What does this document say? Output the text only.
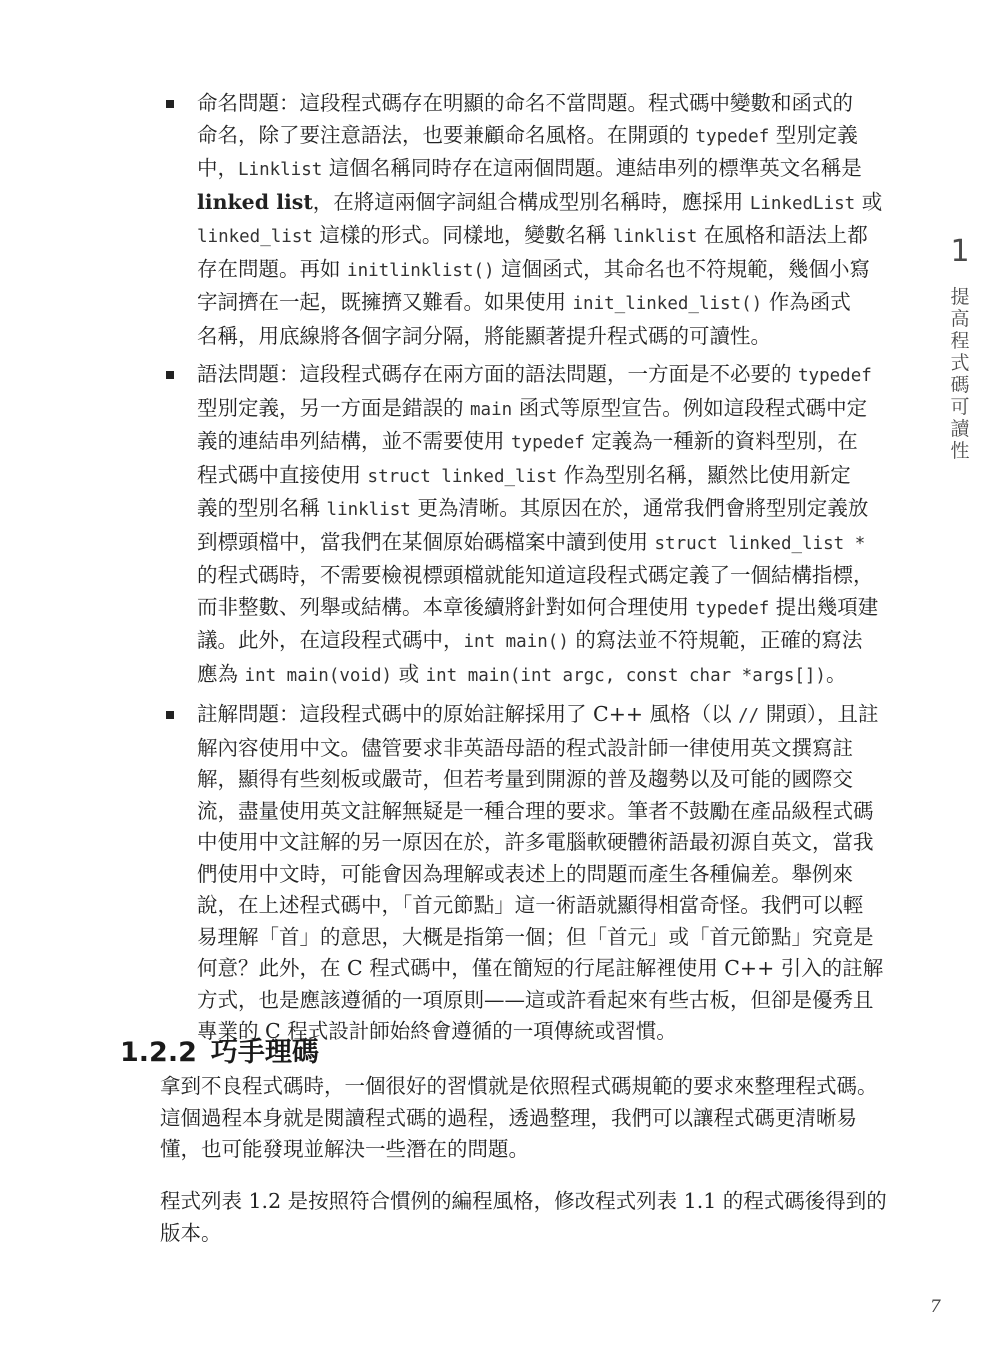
命名問題：這段程式碼存在明顯的命名不當問題。程式碼中變數和函式的
命名，除了要注意語法，也要兼顧命名風格。在開頭的 typedef 型別定義
中，Linklist 這個名稱同時存在這兩個問題。連結串列的標準英文名稱是
linked list，在將這兩個字詞組合構成型別名稱時，應採用 LinkedList 或
linked_list 這樣的形式。同樣地，變數名稱 linklist 在風格和語法上都
存在問題。再如 initlinklist() 這個函式，其命名也不符規範，幾個小寫
字詞擠在一起，既擁擠又難看。如果使用 init_linked_list() 作為函式
名稱，用底線將各個字詞分隔，將能顯著提升程式碼的可讀性。
語法問題：這段程式碼存在兩方面的語法問題，一方面是不必要的 typedef
型別定義，另一方面是錯誤的 main 函式等原型宣告。例如這段程式碼中定
義的連結串列結構，並不需要使用 typedef 定義為一種新的資料型別，在
程式碼中直接使用 struct linked_list 作為型別名稱，顯然比使用新定
義的型別名稱 linklist 更為清晰。其原因在於，通常我們會將型別定義放
到標頭檔中，當我們在某個原始碼檔案中讀到使用 struct linked_list *
的程式碼時，不需要檢視標頭檔就能知道這段程式碼定義了一個結構指標，
而非整數、列舉或結構。本章後續將針對如何合理使用 typedef 提出幾項建
議。此外，在這段程式碼中，int main() 的寫法並不符規範，正確的寫法
應為 int main(void) 或 int main(int argc, const char *args[])。
註解問題：這段程式碼中的原始註解採用了 C++ 風格（以 // 開頭），且註
解內容使用中文。儘管要求非英語母語的程式設計師一律使用英文撰寫註
解，顯得有些刻板或嚴苛，但若考量到開源的普及趨勢以及可能的國際交
流，盡量使用英文註解無疑是一種合理的要求。筆者不鼓勵在產品級程式碼
中使用中文註解的另一原因在於，許多電腦軟硬體術語最初源自英文，當我
們使用中文時，可能會因為理解或表述上的問題而產生各種偏差。舉例來
說，在上述程式碼中，「首元節點」這一術語就顯得相當奇怪。我們可以輕
易理解「首」的意思，大概是指第一個；但「首元」或「首元節點」究竟是
何意？此外，在 C 程式碼中，僅在簡短的行尾註解裡使用 C++ 引入的註解
方式，也是應該遵循的一項原則——這或許看起來有些古板，但卻是優秀且
專業的 C 程式設計師始終會遵循的一項傳統或習慣。
1.2.2 巧手理碼
拿到不良程式碼時，一個很好的習慣就是依照程式碼規範的要求來整理程式碼。
這個過程本身就是閱讀程式碼的過程，透過整理，我們可以讓程式碼更清晰易
懂，也可能發現並解決一些潛在的問題。
程式列表 1.2 是按照符合慣例的編程風格，修改程式列表 1.1 的程式碼後得到的
版本。
1
提
高
程
式
碼
可
讀
性
7
